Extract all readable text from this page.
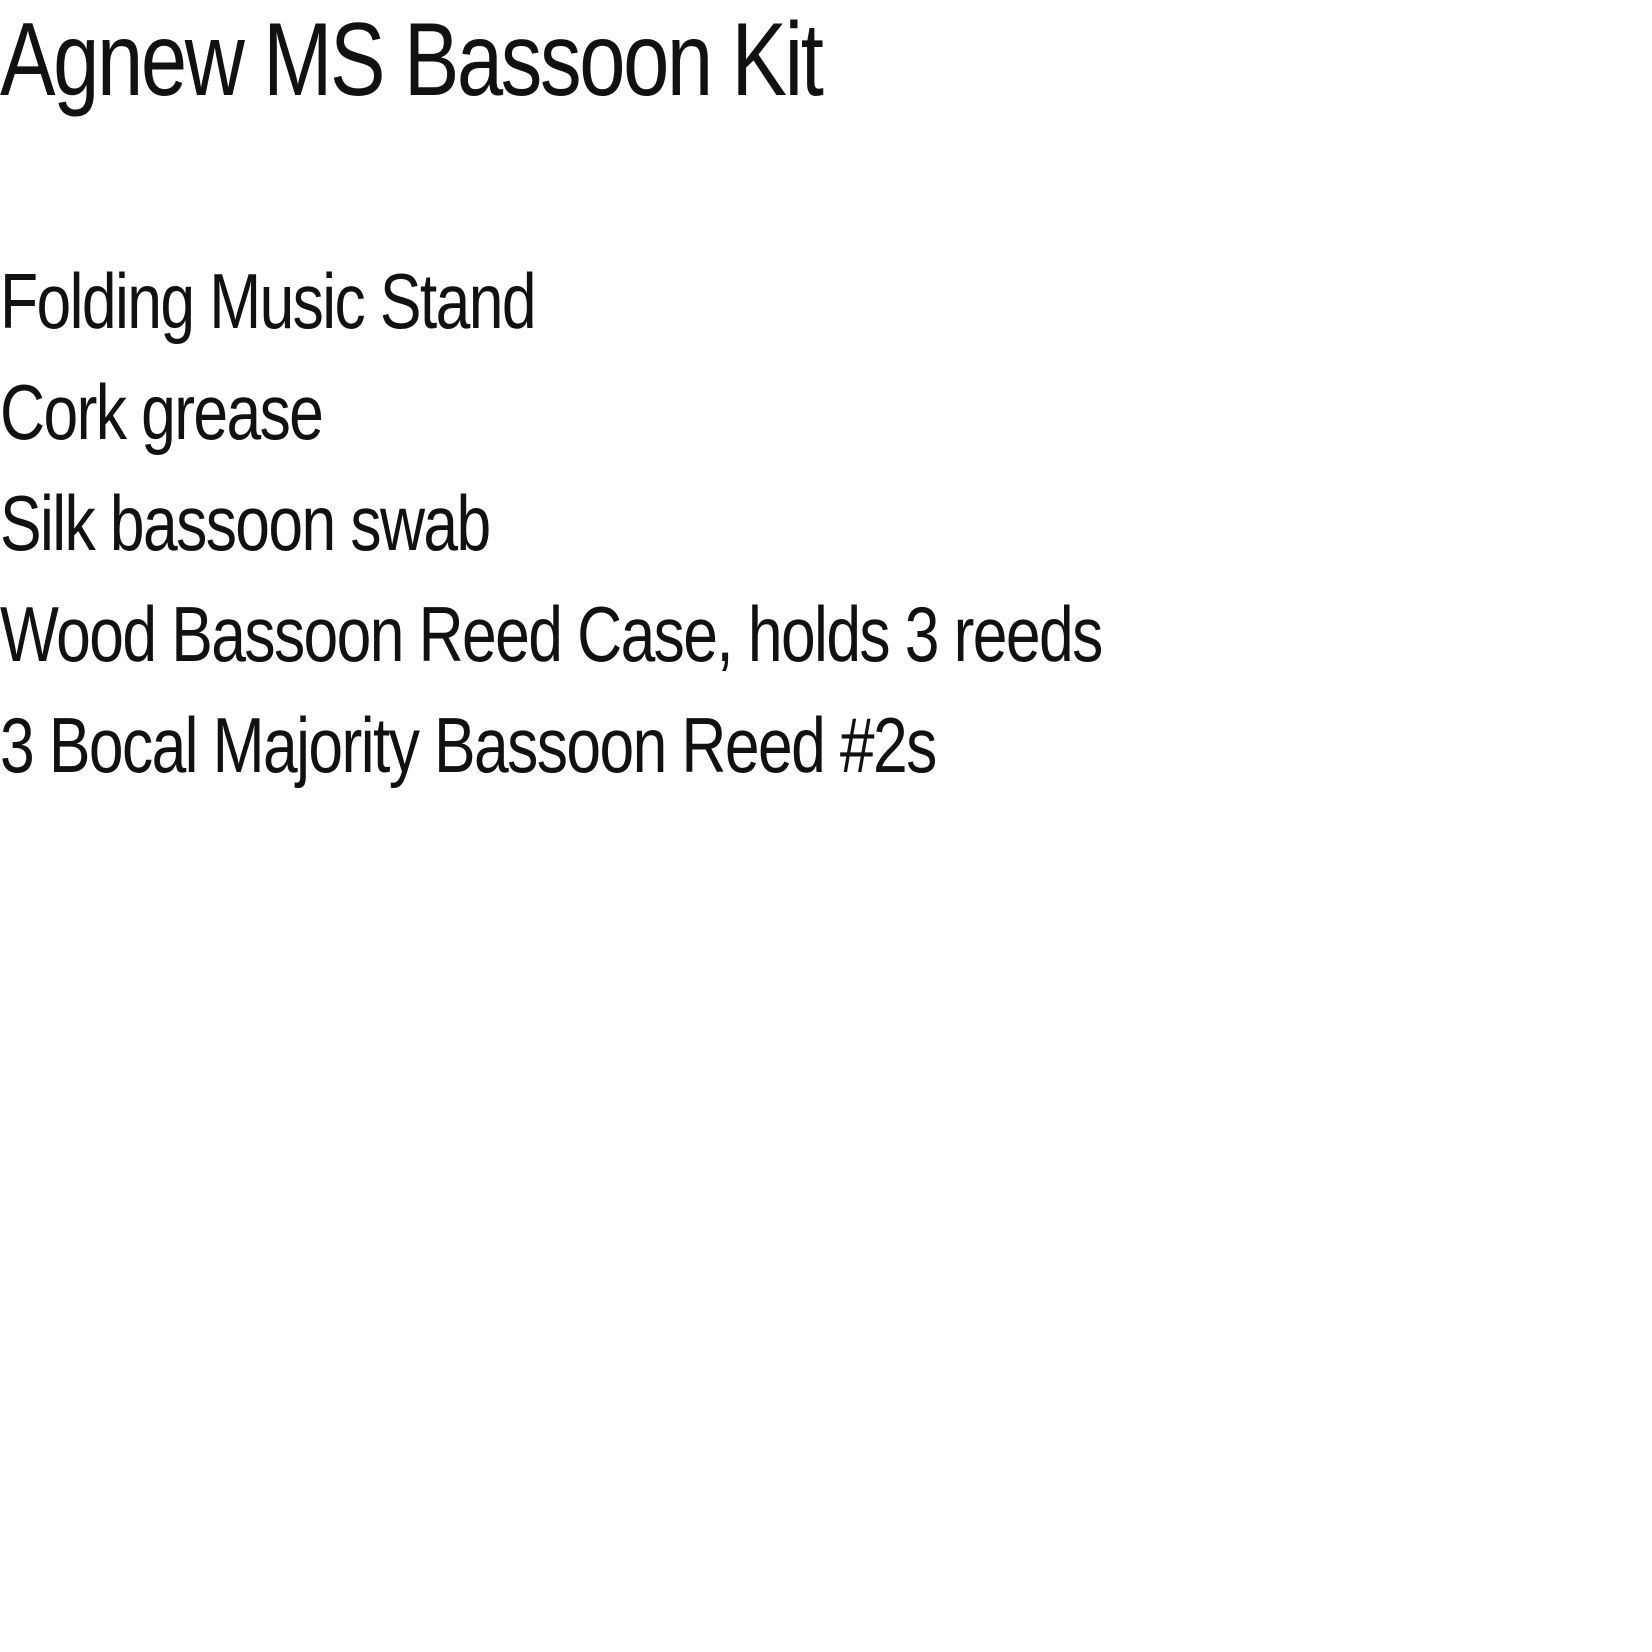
Agnew MS Bassoon Kit
Folding Music Stand
Cork grease
Silk bassoon swab
Wood Bassoon Reed Case, holds 3 reeds
3 Bocal Majority Bassoon Reed #2s
